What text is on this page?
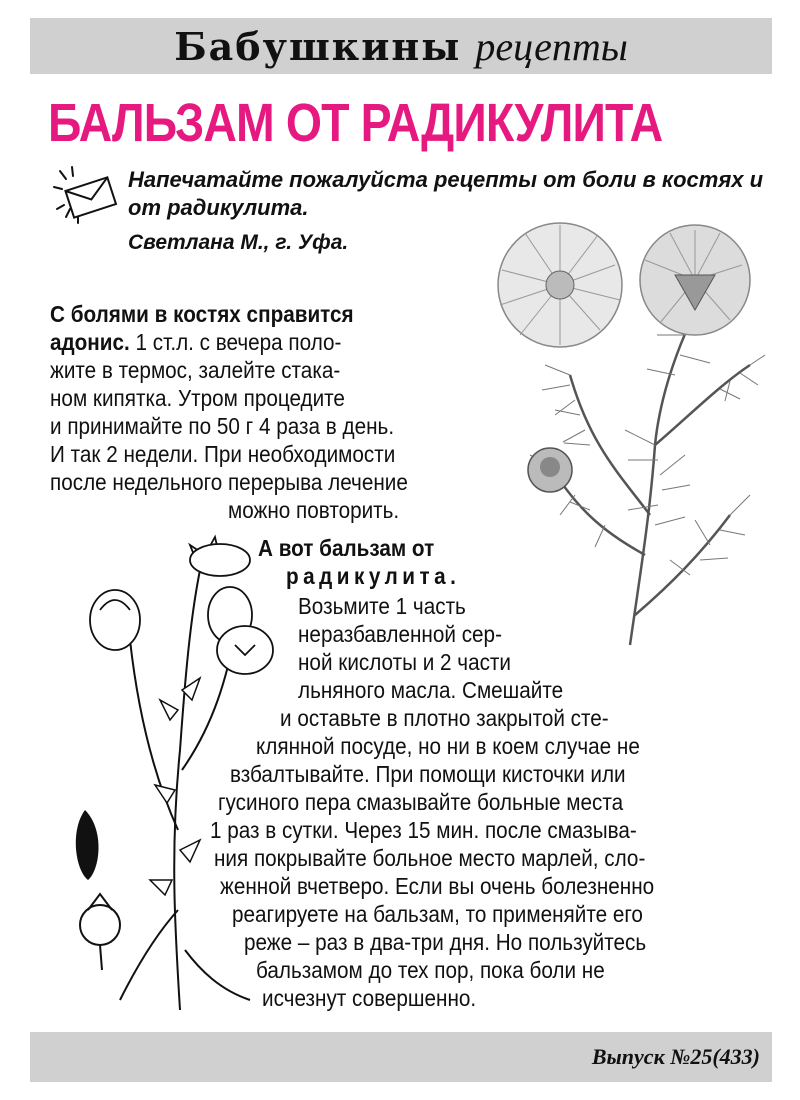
Бабушкины рецепты
БАЛЬЗАМ ОТ РАДИКУЛИТА
Напечатайте пожалуйста рецепты от боли в костях и от радикулита.
Светлана М., г. Уфа.
С болями в костях справится
адонис. 1 ст.л. с вечера поло-
жите в термос, залейте стака-
ном кипятка. Утром процедите
и принимайте по 50 г 4 раза в день.
И так 2 недели. При необходимости
после недельного перерыва лечение
можно повторить.
А вот бальзам от
радикулита.
Возьмите 1 часть
неразбавленной сер-
ной кислоты и 2 части
льняного масла. Смешайте
и оставьте в плотно закрытой сте-
клянной посуде, но ни в коем случае не
взбалтывайте. При помощи кисточки или
гусиного пера смазывайте больные места
1 раз в сутки. Через 15 мин. после смазыва-
ния покрывайте больное место марлей, сло-
женной вчетверо. Если вы очень болезненно
реагируете на бальзам, то применяйте его
реже – раз в два-три дня. Но пользуйтесь
бальзамом до тех пор, пока боли не
исчезнут совершенно.
Выпуск №25(433)
